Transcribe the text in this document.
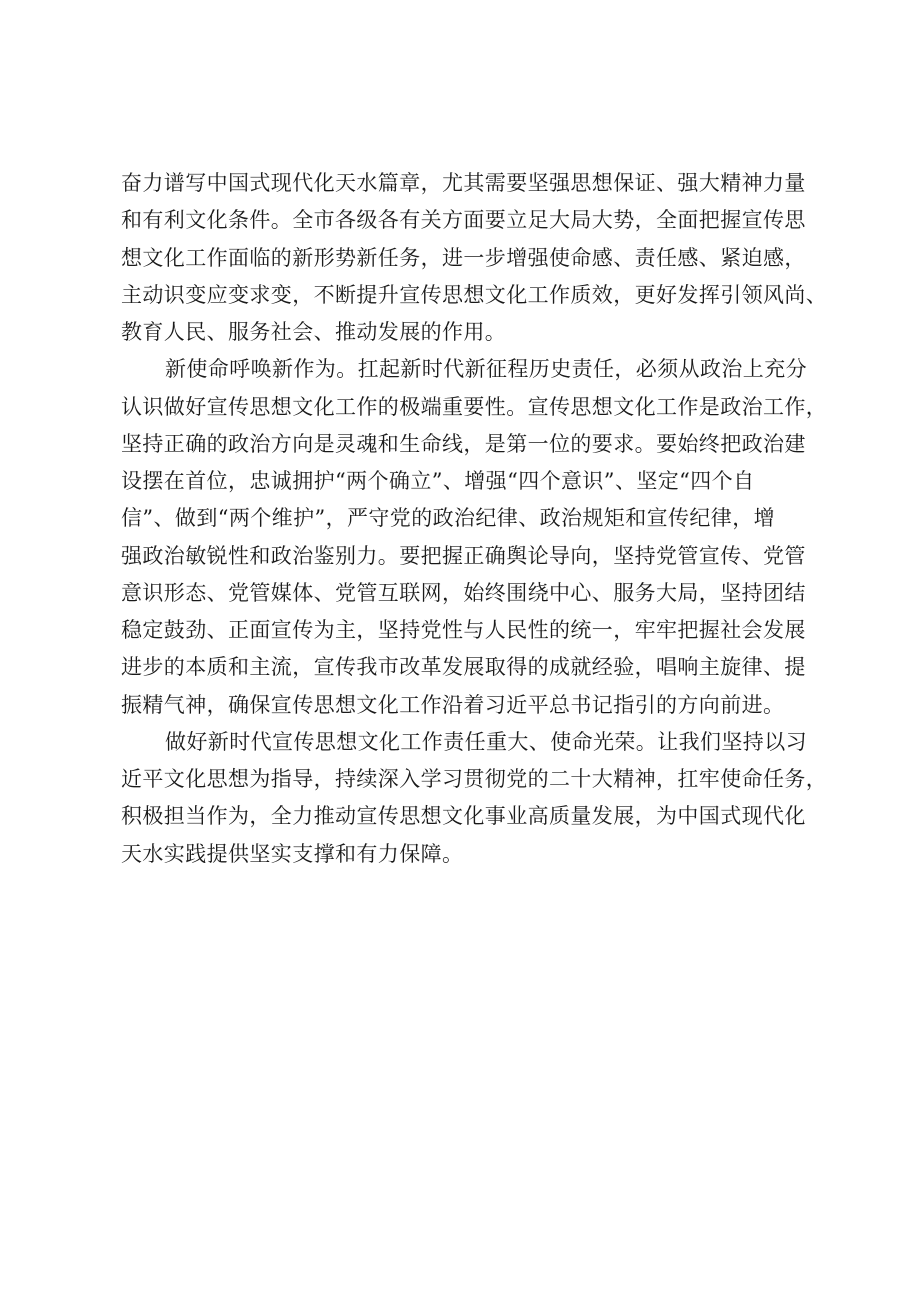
奋力谱写中国式现代化天水篇章，尤其需要坚强思想保证、强大精神力量
和有利文化条件。全市各级各有关方面要立足大局大势，全面把握宣传思
想文化工作面临的新形势新任务，进一步增强使命感、责任感、紧迫感，
主动识变应变求变，不断提升宣传思想文化工作质效，更好发挥引领风尚、
教育人民、服务社会、推动发展的作用。
新使命呼唤新作为。扛起新时代新征程历史责任，必须从政治上充分
认识做好宣传思想文化工作的极端重要性。宣传思想文化工作是政治工作，
坚持正确的政治方向是灵魂和生命线，是第一位的要求。要始终把政治建
设摆在首位，忠诚拥护“两个确立”、增强“四个意识”、坚定“四个自
信”、做到“两个维护”，严守党的政治纪律、政治规矩和宣传纪律，增
强政治敏锐性和政治鉴别力。要把握正确舆论导向，坚持党管宣传、党管
意识形态、党管媒体、党管互联网，始终围绕中心、服务大局，坚持团结
稳定鼓劲、正面宣传为主，坚持党性与人民性的统一，牢牢把握社会发展
进步的本质和主流，宣传我市改革发展取得的成就经验，唱响主旋律、提
振精气神，确保宣传思想文化工作沿着习近平总书记指引的方向前进。
做好新时代宣传思想文化工作责任重大、使命光荣。让我们坚持以习
近平文化思想为指导，持续深入学习贯彻党的二十大精神，扛牢使命任务，
积极担当作为，全力推动宣传思想文化事业高质量发展，为中国式现代化
天水实践提供坚实支撑和有力保障。
